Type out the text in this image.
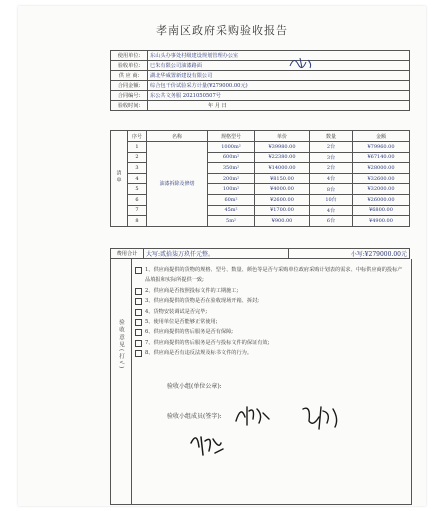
孝南区政府采购验收报告
使用单位:	东山头办事处村级建设规划管理办公室
验收单位:	巳朱有限公司油漆路面
供 应 商:	湖北华威置新建设有限公司
合同金额:	综合包干价试验采方计量(¥279000.00元)
合同编号:	东公共文务服 2021050507号
验收时间:	年 月 日
清单	序号	名称	规格型号	单价	数量	金额
	1	油漆拆除及修缮	1000m²	¥39980.00	2台	¥79960.00
	2		600m²	¥22380.00	3台	¥67140.00
	3		350m²	¥14000.00	2台	¥28000.00
	4		200m²	¥8150.00	4台	¥32600.00
	5		100m²	¥4000.00	8台	¥32000.00
	6		60m²	¥2600.00	10台	¥26000.00
	7		45m²	¥1700.00	4台	¥6800.00
	8		5m²	¥900.00	6台	¥4900.00
费用合计	大写:贰拾柒万玖仟元整。	小写:¥279000.00元
验收意见(打√)
1、供应商提供的货物的规格、型号、数量、颜色等是否与采购单位政府采购计划表的需求、中标供应商的投标产品填报和实际所提供一致;
2、供应商是否按照投标文件的工期施工;
3、供应商提供的货物是否在验收现场开箱、拆封;
4、货物安装调试是否完毕;
5、使用单位是否能够正常使用;
6、供应商提供的售后服务是否有保障;
7、供应商提供的售后服务是否与投标文件的保证有效;
8、供应商是否有违反法规及标书文件的行为。
验收小组(单位公章):
验收小组成员(签字):
